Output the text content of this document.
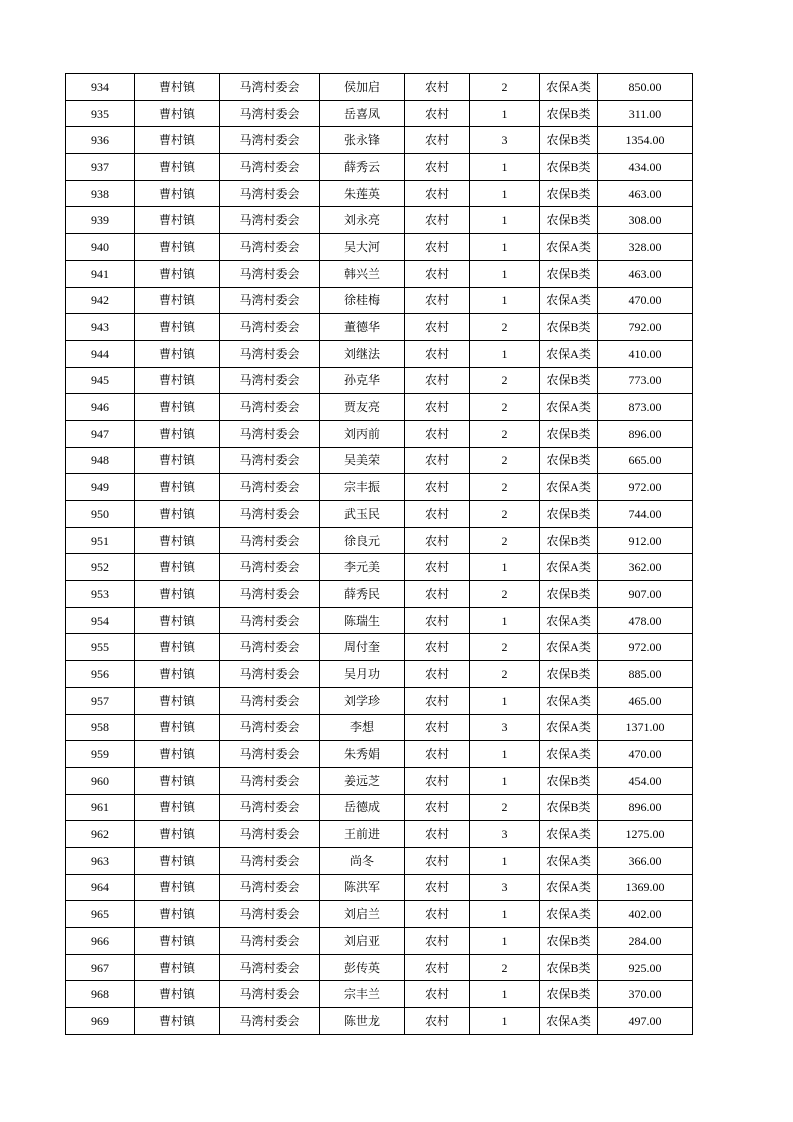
934	曹村镇	马湾村委会	侯加启	农村	2	农保A类	850.00
935	曹村镇	马湾村委会	岳喜凤	农村	1	农保B类	311.00
936	曹村镇	马湾村委会	张永锋	农村	3	农保B类	1354.00
937	曹村镇	马湾村委会	薛秀云	农村	1	农保B类	434.00
938	曹村镇	马湾村委会	朱莲英	农村	1	农保B类	463.00
939	曹村镇	马湾村委会	刘永亮	农村	1	农保B类	308.00
940	曹村镇	马湾村委会	吴大河	农村	1	农保A类	328.00
941	曹村镇	马湾村委会	韩兴兰	农村	1	农保B类	463.00
942	曹村镇	马湾村委会	徐桂梅	农村	1	农保A类	470.00
943	曹村镇	马湾村委会	董德华	农村	2	农保B类	792.00
944	曹村镇	马湾村委会	刘继法	农村	1	农保A类	410.00
945	曹村镇	马湾村委会	孙克华	农村	2	农保B类	773.00
946	曹村镇	马湾村委会	贾友亮	农村	2	农保A类	873.00
947	曹村镇	马湾村委会	刘丙前	农村	2	农保B类	896.00
948	曹村镇	马湾村委会	吴美荣	农村	2	农保B类	665.00
949	曹村镇	马湾村委会	宗丰振	农村	2	农保A类	972.00
950	曹村镇	马湾村委会	武玉民	农村	2	农保B类	744.00
951	曹村镇	马湾村委会	徐良元	农村	2	农保B类	912.00
952	曹村镇	马湾村委会	李元美	农村	1	农保A类	362.00
953	曹村镇	马湾村委会	薛秀民	农村	2	农保B类	907.00
954	曹村镇	马湾村委会	陈瑞生	农村	1	农保A类	478.00
955	曹村镇	马湾村委会	周付奎	农村	2	农保A类	972.00
956	曹村镇	马湾村委会	吴月功	农村	2	农保B类	885.00
957	曹村镇	马湾村委会	刘学珍	农村	1	农保A类	465.00
958	曹村镇	马湾村委会	李想	农村	3	农保A类	1371.00
959	曹村镇	马湾村委会	朱秀娟	农村	1	农保A类	470.00
960	曹村镇	马湾村委会	姜远芝	农村	1	农保B类	454.00
961	曹村镇	马湾村委会	岳德成	农村	2	农保B类	896.00
962	曹村镇	马湾村委会	王前进	农村	3	农保A类	1275.00
963	曹村镇	马湾村委会	尚冬	农村	1	农保A类	366.00
964	曹村镇	马湾村委会	陈洪军	农村	3	农保A类	1369.00
965	曹村镇	马湾村委会	刘启兰	农村	1	农保A类	402.00
966	曹村镇	马湾村委会	刘启亚	农村	1	农保B类	284.00
967	曹村镇	马湾村委会	彭传英	农村	2	农保B类	925.00
968	曹村镇	马湾村委会	宗丰兰	农村	1	农保B类	370.00
969	曹村镇	马湾村委会	陈世龙	农村	1	农保A类	497.00
